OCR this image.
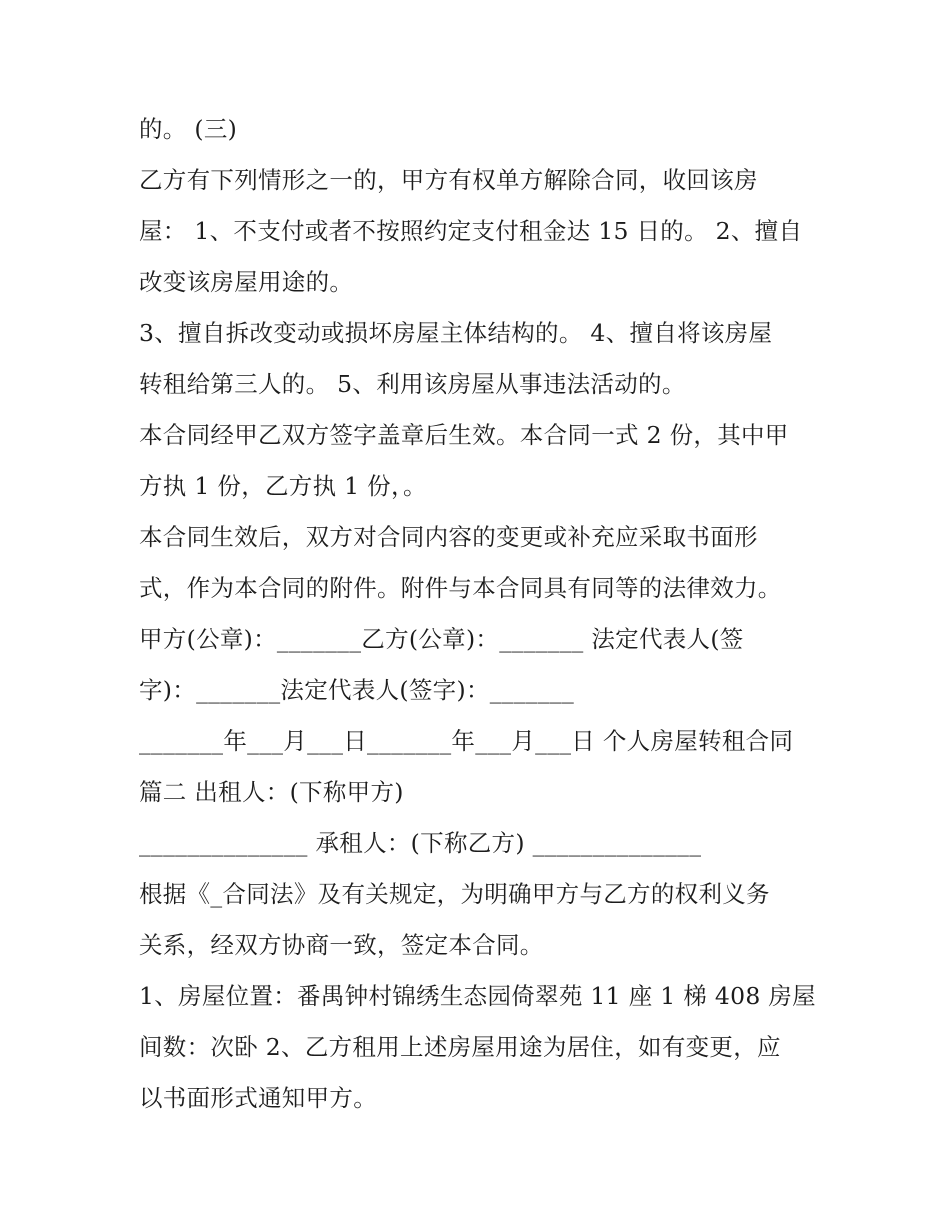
的。 (三)
乙方有下列情形之一的，甲方有权单方解除合同，收回该房
屋： 1、不支付或者不按照约定支付租金达 15 日的。 2、擅自
改变该房屋用途的。
3、擅自拆改变动或损坏房屋主体结构的。 4、擅自将该房屋
转租给第三人的。 5、利用该房屋从事违法活动的。
本合同经甲乙双方签字盖章后生效。本合同一式 2 份，其中甲
方执 1 份，乙方执 1 份，。
本合同生效后，双方对合同内容的变更或补充应采取书面形
式，作为本合同的附件。附件与本合同具有同等的法律效力。
甲方(公章)：_______乙方(公章)：_______ 法定代表人(签
字)：_______法定代表人(签字)：_______
_______年___月___日_______年___月___日 个人房屋转租合同
篇二 出租人：(下称甲方)
______________ 承租人：(下称乙方) ______________
根据《_合同法》及有关规定，为明确甲方与乙方的权利义务
关系，经双方协商一致，签定本合同。
1、房屋位置：番禺钟村锦绣生态园倚翠苑 11 座 1 梯 408 房屋
间数：次卧 2、乙方租用上述房屋用途为居住，如有变更，应
以书面形式通知甲方。
